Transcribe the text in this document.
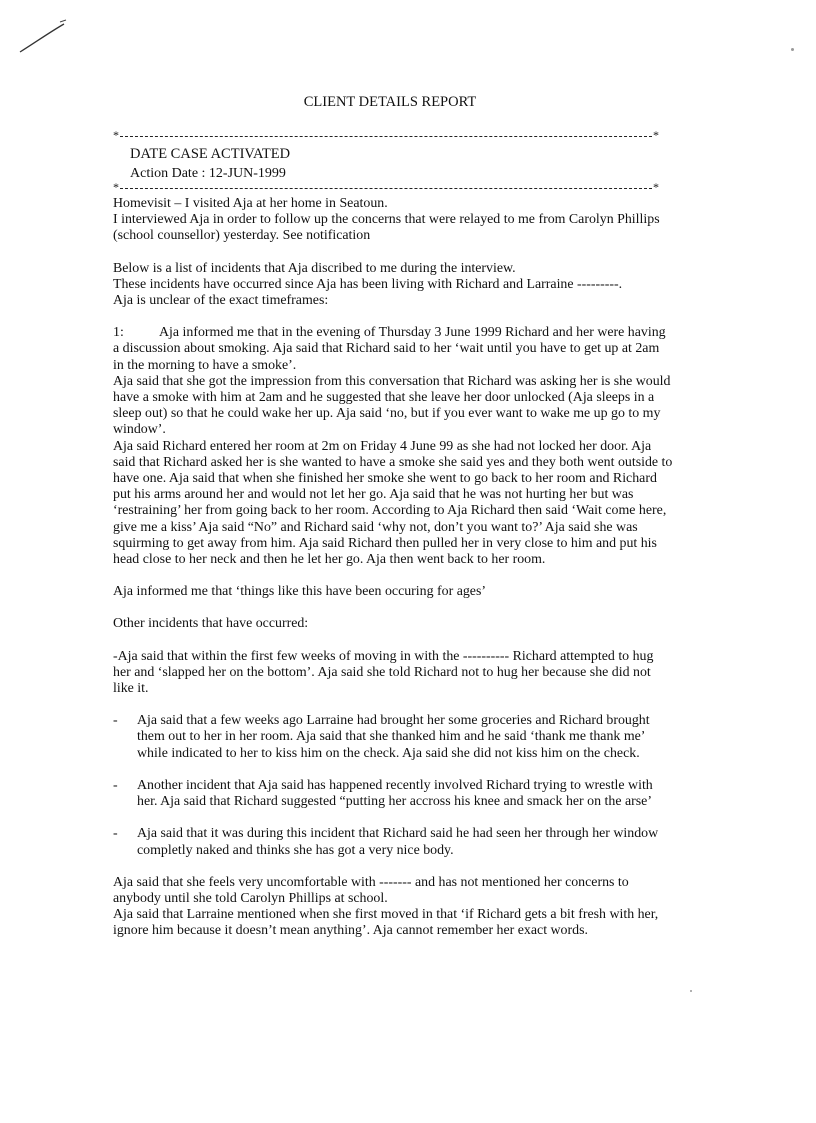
CLIENT DETAILS REPORT
*	*
DATE CASE ACTIVATED
Action Date : 12-JUN-1999
*	*

Homevisit – I visited Aja at her home in Seatoun.

I interviewed Aja in order to follow up the concerns that were relayed to me from Carolyn Phillips (school counsellor) yesterday. See notification

Below is a list of incidents that Aja discribed to me during the interview.

These incidents have occurred since Aja has been living with Richard and Larraine ---------.

Aja is unclear of the exact timeframes:

1:	Aja informed me that in the evening of Thursday 3 June 1999 Richard and her were having a discussion about smoking. Aja said that Richard said to her ‘wait until you have to get up at 2am in the morning to have a smoke’.

Aja said that she got the impression from this conversation that Richard was asking her is she would have a smoke with him at 2am and he suggested that she leave her door unlocked (Aja sleeps in a sleep out) so that he could wake her up. Aja said ‘no, but if you ever want to wake me up go to my window’.

Aja said Richard entered her room at 2m on Friday 4 June 99 as she had not locked her door. Aja said that Richard asked her is she wanted to have a smoke she said yes and they both went outside to have one. Aja said that when she finished her smoke she went to go back to her room and Richard put his arms around her and would not let her go. Aja said that he was not hurting her but was ‘restraining’ her from going back to her room. According to Aja Richard then said ‘Wait come here, give me a kiss’ Aja said “No” and Richard said ‘why not, don’t you want to?’ Aja said she was squirming to get away from him. Aja said Richard then pulled her in very close to him and put his head close to her neck and then he let her go. Aja then went back to her room.

Aja informed me that ‘things like this have been occuring for ages’

Other incidents that have occurred:

-Aja said that within the first few weeks of moving in with the ---------- Richard attempted to hug her and ‘slapped her on the bottom’. Aja said she told Richard not to hug her because she did not like it.

-	Aja said that a few weeks ago Larraine had brought her some groceries and Richard brought them out to her in her room. Aja said that she thanked him and he said ‘thank me thank me’ while indicated to her to kiss him on the check. Aja said she did not kiss him on the check.
-	Another incident that Aja said has happened recently involved Richard trying to wrestle with her. Aja said that Richard suggested “putting her accross his knee and smack her on the arse’
-	Aja said that it was during this incident that Richard said he had seen her through her window completly naked and thinks she has got a very nice body.

Aja said that she feels very uncomfortable with ------- and has not mentioned her concerns to anybody until she told Carolyn Phillips at school.

Aja said that Larraine mentioned when she first moved in that ‘if Richard gets a bit fresh with her, ignore him because it doesn’t mean anything’. Aja cannot remember her exact words.
